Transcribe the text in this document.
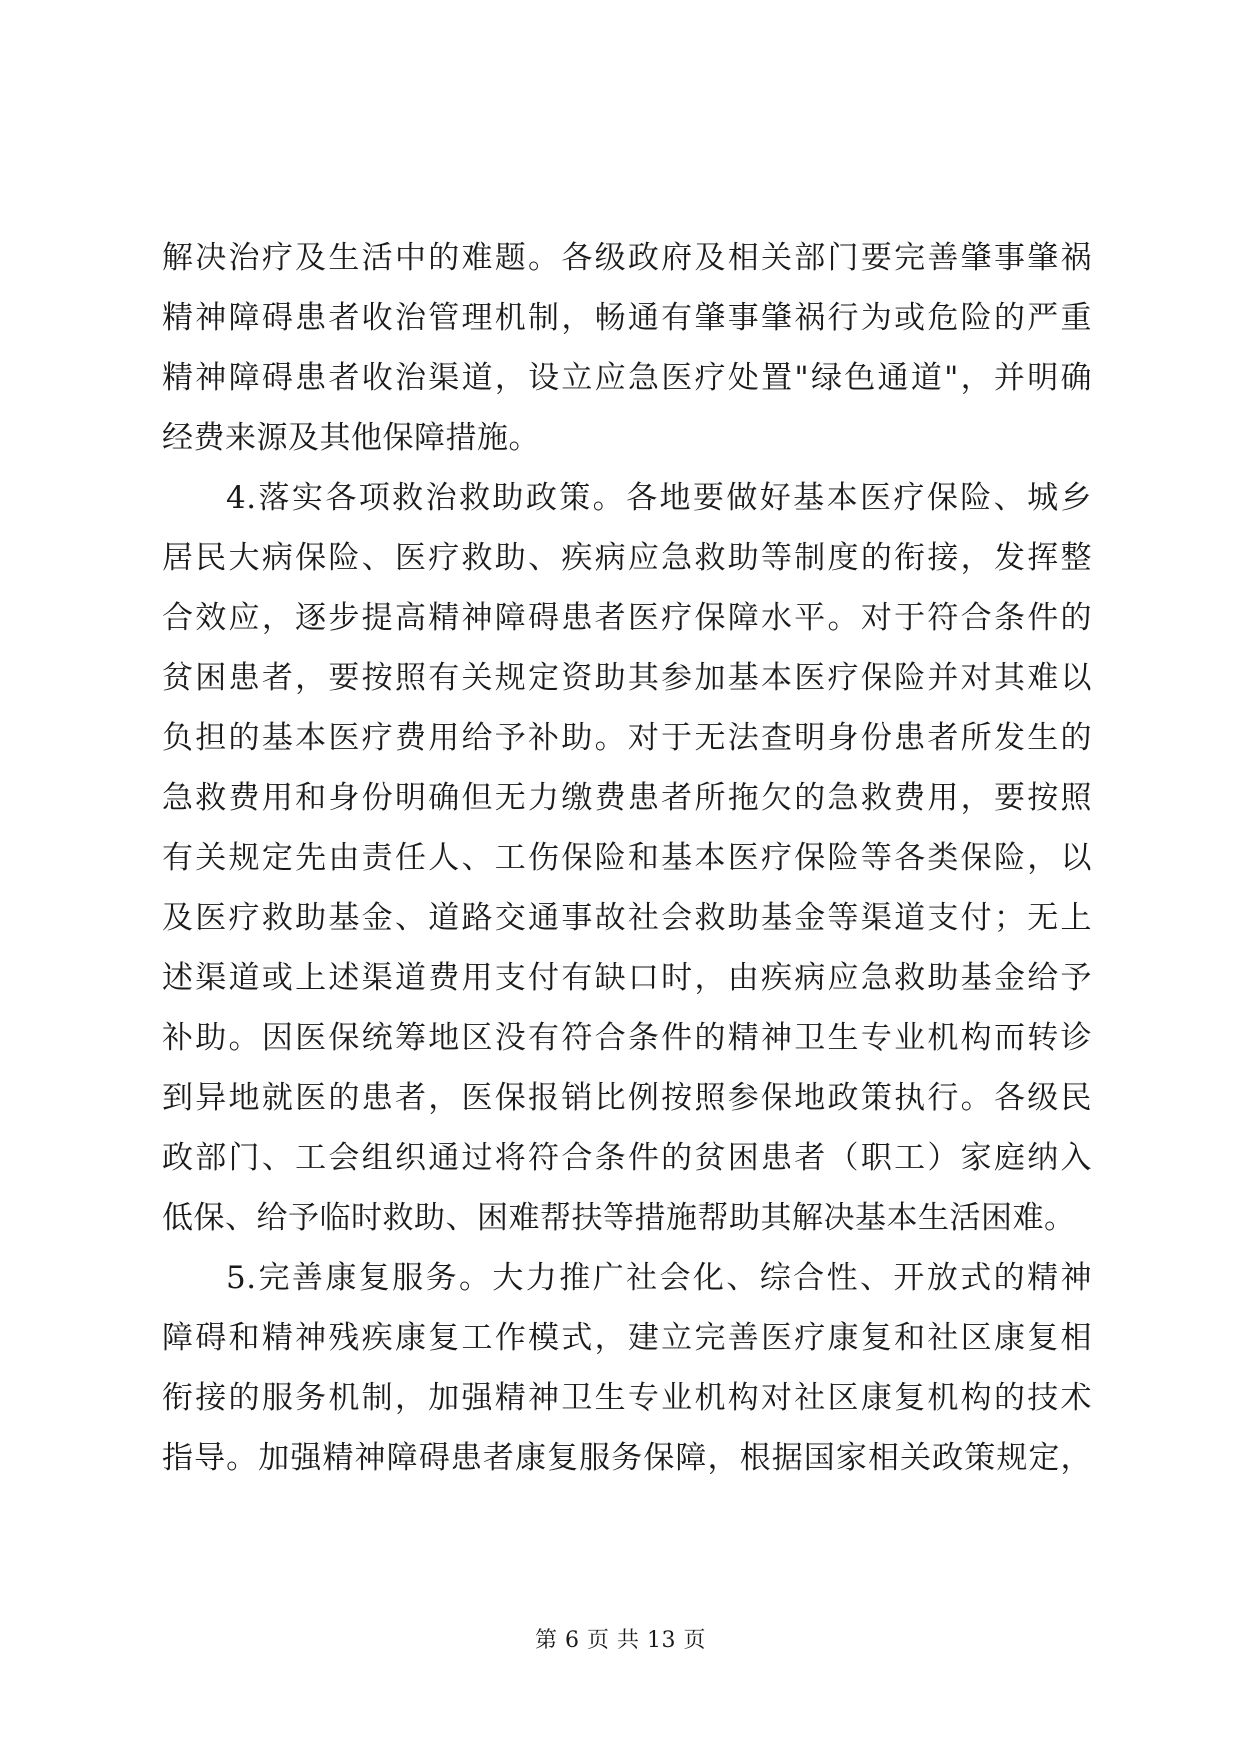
解决治疗及生活中的难题。各级政府及相关部门要完善肇事肇祸
精神障碍患者收治管理机制，畅通有肇事肇祸行为或危险的严重
精神障碍患者收治渠道，设立应急医疗处置"绿色通道"，并明确
经费来源及其他保障措施。
4.落实各项救治救助政策。各地要做好基本医疗保险、城乡
居民大病保险、医疗救助、疾病应急救助等制度的衔接，发挥整
合效应，逐步提高精神障碍患者医疗保障水平。对于符合条件的
贫困患者，要按照有关规定资助其参加基本医疗保险并对其难以
负担的基本医疗费用给予补助。对于无法查明身份患者所发生的
急救费用和身份明确但无力缴费患者所拖欠的急救费用，要按照
有关规定先由责任人、工伤保险和基本医疗保险等各类保险，以
及医疗救助基金、道路交通事故社会救助基金等渠道支付；无上
述渠道或上述渠道费用支付有缺口时，由疾病应急救助基金给予
补助。因医保统筹地区没有符合条件的精神卫生专业机构而转诊
到异地就医的患者，医保报销比例按照参保地政策执行。各级民
政部门、工会组织通过将符合条件的贫困患者（职工）家庭纳入
低保、给予临时救助、困难帮扶等措施帮助其解决基本生活困难。
5.完善康复服务。大力推广社会化、综合性、开放式的精神
障碍和精神残疾康复工作模式，建立完善医疗康复和社区康复相
衔接的服务机制，加强精神卫生专业机构对社区康复机构的技术
指导。加强精神障碍患者康复服务保障，根据国家相关政策规定，
第 6 页 共 13 页
